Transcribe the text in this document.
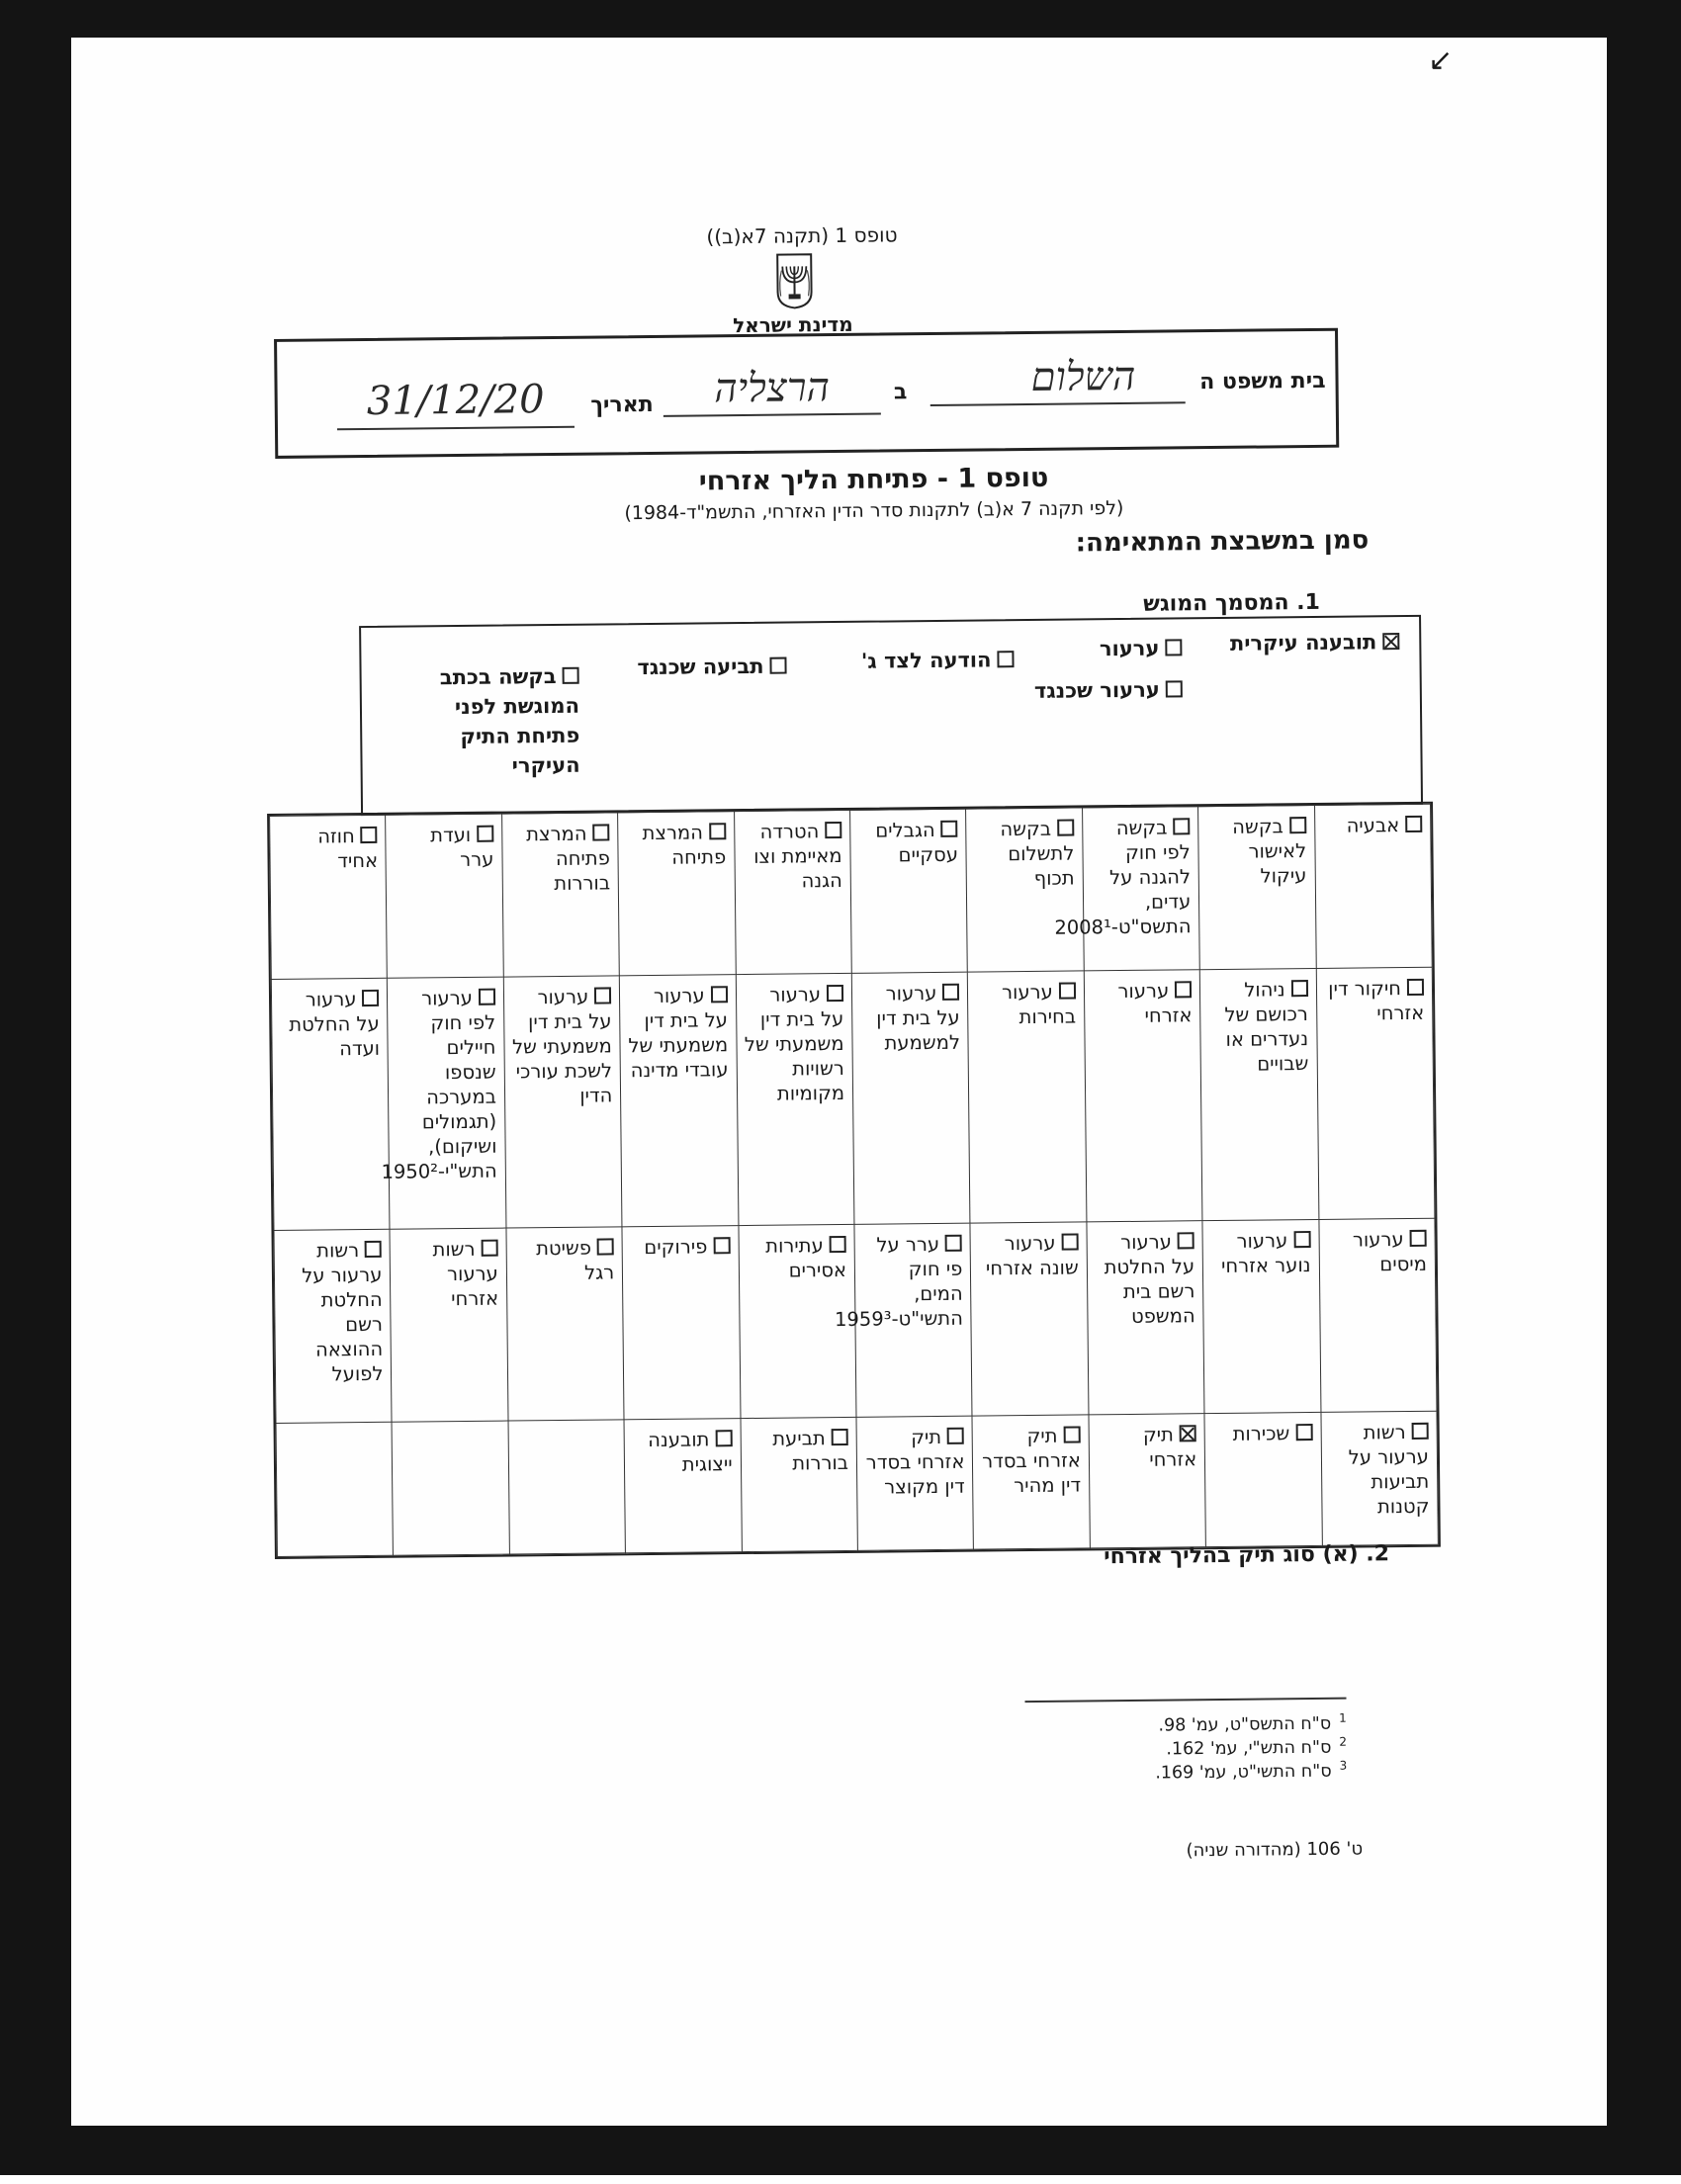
↙
טופס 1 (תקנה 7א(ב))
מדינת ישראל
בית משפט ה
השלום
ב
הרצליה
תאריך
31/12/20
טופס 1 - פתיחת הליך אזרחי
(לפי תקנה 7 א(ב) לתקנות סדר הדין האזרחי, התשמ"ד-1984)
סמן במשבצת המתאימה:
1. המסמך המוגש
תובענה עיקרית
ערעור
ערעור שכנגד
הודעה לצד ג'
תביעה שכנגד
בקשה בכתב המוגשת לפני פתיחת התיק העיקרי
אבעיה	בקשה לאישור עיקול	בקשה לפי חוק להגנה על עדים, התשס"ט-2008¹	בקשה לתשלום תכוף	הגבלים עסקיים	הטרדה מאיימת וצו הגנה	המרצת פתיחה	המרצת פתיחה בוררות	ועדת ערר	חוזה אחיד

חיקור דין אזרחי	ניהול רכושם של נעדרים או שבויים	ערעור אזרחי	ערעור בחירות	ערעור על בית דין למשמעת	ערעור על בית דין משמעתי של רשויות מקומיות	ערעור על בית דין משמעתי של עובדי מדינה	ערעור על בית דין משמעתי של לשכת עורכי הדין	ערעור לפי חוק חיילים שנספו במערכה (תגמולים ושיקום), התש"י-1950²	ערעור על החלטת ועדה

ערעור מיסים	ערעור נוער אזרחי	ערעור על החלטת רשם בית המשפט	ערעור שונה אזרחי	ערר על פי חוק המים, התשי"ט-1959³	עתירות אסירים	פירוקים	פשיטת רגל	רשות ערעור אזרחי	רשות ערעור על החלטת רשם ההוצאה לפועל

רשות ערעור על תביעות קטנות	שכירות	תיק אזרחי	תיק אזרחי בסדר דין מהיר	תיק אזרחי בסדר דין מקוצר	תביעת בוררות	תובענה ייצוגית			

2. (א) סוג תיק בהליך אזרחי
$^1$ס"ח התשס"ט, עמ' 98.
$^2$ס"ח התש"י, עמ' 162.
$^3$ס"ח התשי"ט, עמ' 169.
ט' 106 (מהדורה שניה)
